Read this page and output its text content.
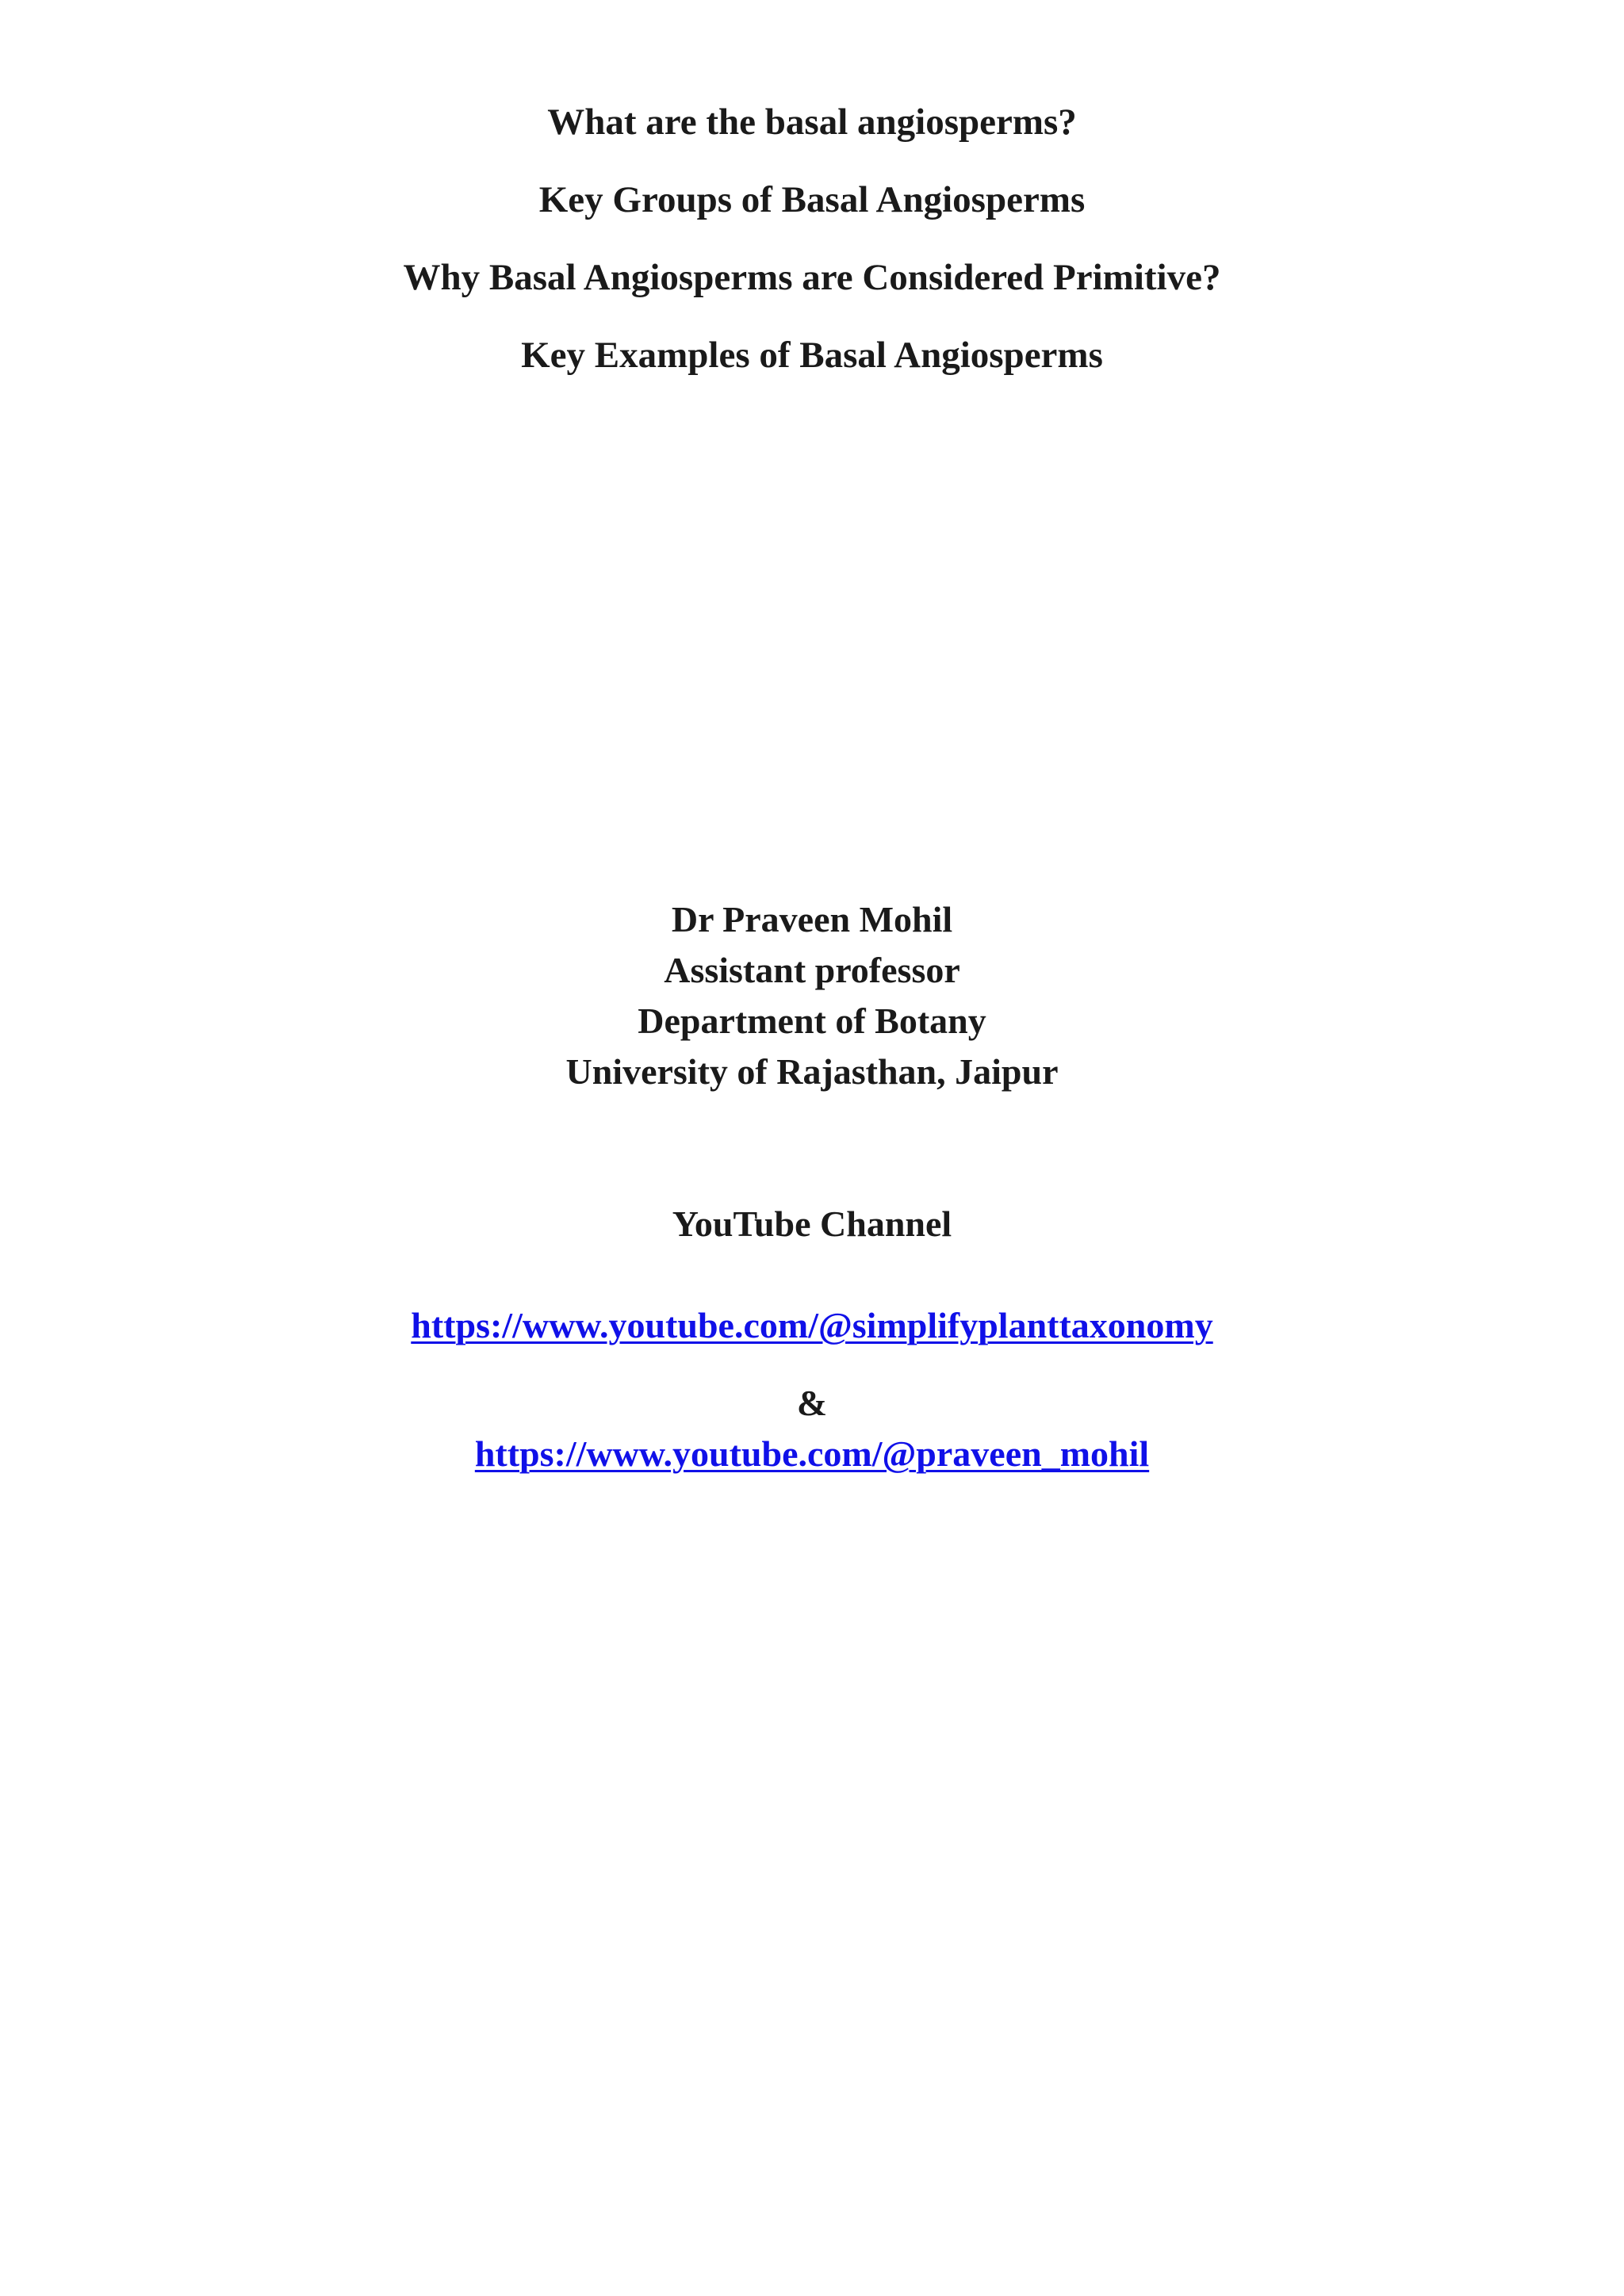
What are the basal angiosperms?
Key Groups of Basal Angiosperms
Why Basal Angiosperms are Considered Primitive?
Key Examples of Basal Angiosperms
Dr Praveen Mohil
Assistant professor
Department of Botany
University of Rajasthan, Jaipur
YouTube Channel
https://www.youtube.com/@simplifyplanttaxonomy
&
https://www.youtube.com/@praveen_mohil
